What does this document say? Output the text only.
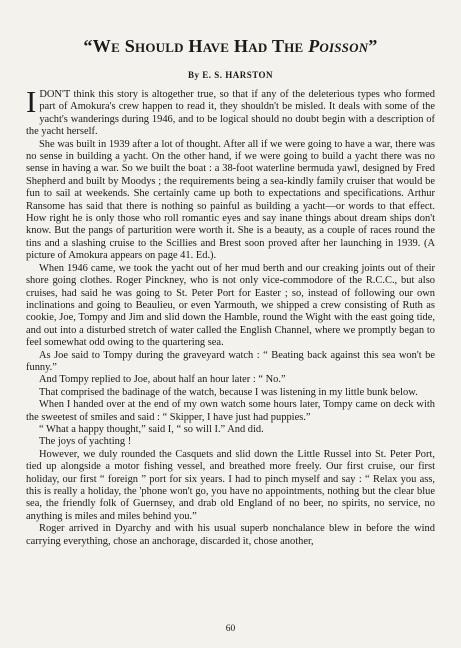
“We Should Have Had The Poisson”
By E. S. HARSTON

I DON'T think this story is altogether true, so that if any of the deleterious types who formed part of Amokura's crew happen to read it, they shouldn't be misled. It deals with some of the yacht's wanderings during 1946, and to be logical should no doubt begin with a description of the yacht herself.

She was built in 1939 after a lot of thought. After all if we were going to have a war, there was no sense in building a yacht. On the other hand, if we were going to build a yacht there was no sense in having a war. So we built the boat : a 38-foot waterline bermuda yawl, designed by Fred Shepherd and built by Moodys ; the requirements being a sea-kindly family cruiser that would be fun to sail at weekends. She certainly came up both to expectations and specifications. Arthur Ransome has said that there is nothing so painful as building a yacht—or words to that effect. How right he is only those who roll romantic eyes and say inane things about dream ships don't know. But the pangs of parturition were worth it. She is a beauty, as a couple of races round the tins and a slashing cruise to the Scillies and Brest soon proved after her launching in 1939. (A picture of Amokura appears on page 41. Ed.).

When 1946 came, we took the yacht out of her mud berth and our creaking joints out of their shore going clothes. Roger Pinckney, who is not only vice-commodore of the R.C.C., but also cruises, had said he was going to St. Peter Port for Easter ; so, instead of following our own inclinations and going to Beaulieu, or even Yarmouth, we shipped a crew consisting of Ruth as cookie, Joe, Tompy and Jim and slid down the Hamble, round the Wight with the east going tide, and out into a disturbed stretch of water called the English Channel, where we promptly began to feel somewhat odd owing to the quartering sea.

As Joe said to Tompy during the graveyard watch : “ Beating back against this sea won't be funny.”

And Tompy replied to Joe, about half an hour later : “ No.”

That comprised the badinage of the watch, because I was listening in my little bunk below.

When I handed over at the end of my own watch some hours later, Tompy came on deck with the sweetest of smiles and said : “ Skipper, I have just had puppies.”

“ What a happy thought,” said I, “ so will I.” And did.

The joys of yachting !

However, we duly rounded the Casquets and slid down the Little Russel into St. Peter Port, tied up alongside a motor fishing vessel, and breathed more freely. Our first cruise, our first holiday, our first “ foreign ” port for six years. I had to pinch myself and say : “ Relax you ass, this is really a holiday, the 'phone won't go, you have no appointments, nothing but the clear blue sea, the friendly folk of Guernsey, and drab old England of no beer, no spirits, no service, no anything is miles and miles behind you.”

Roger arrived in Dyarchy and with his usual superb nonchalance blew in before the wind carrying everything, chose an anchorage, discarded it, chose another,

60
